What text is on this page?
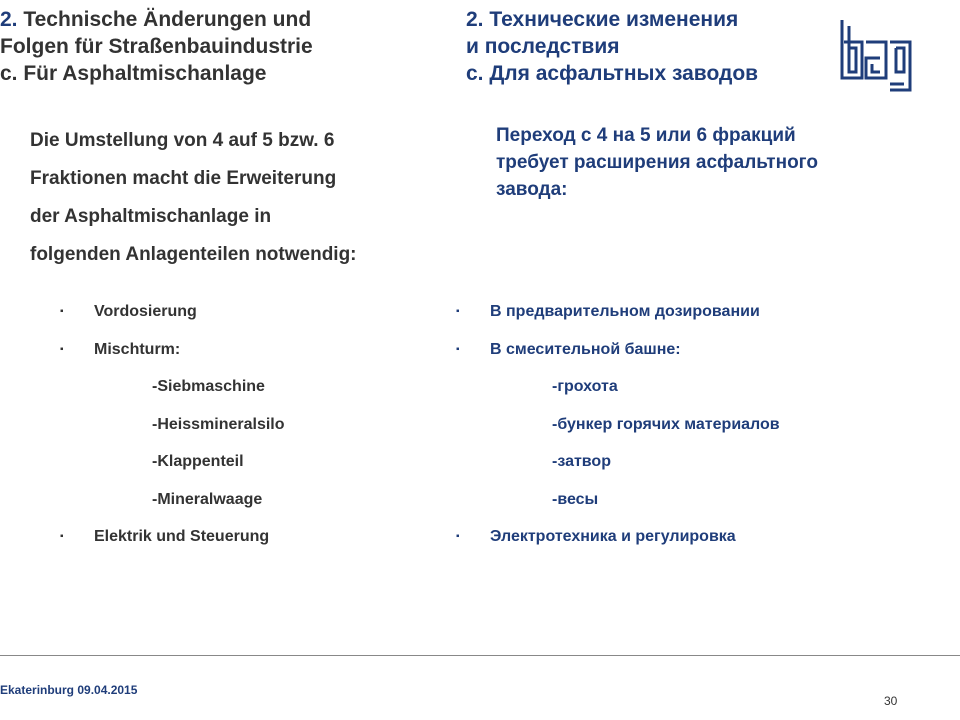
2. Technische Änderungen und
Folgen für Straßenbauindustrie
c. Für Asphaltmischanlage
2. Технические изменения
и последствия
с. Для асфальтных заводов
Die Umstellung von 4 auf 5 bzw. 6
Fraktionen macht die Erweiterung
der Asphaltmischanlage in
folgenden Anlagenteilen notwendig:
Переход с 4 на 5 или 6 фракций
требует расширения асфальтного
завода:
▪ Vordosierung
▪ Mischturm:
-Siebmaschine
-Heissmineralsilo
-Klappenteil
-Mineralwaage
▪ Elektrik und Steuerung
▪ В предварительном дозировании
▪ В смесительной башне:
-грохота
-бункер горячих материалов
-затвор
-весы
▪ Электротехника и регулировка
Ekaterinburg 09.04.2015
30
